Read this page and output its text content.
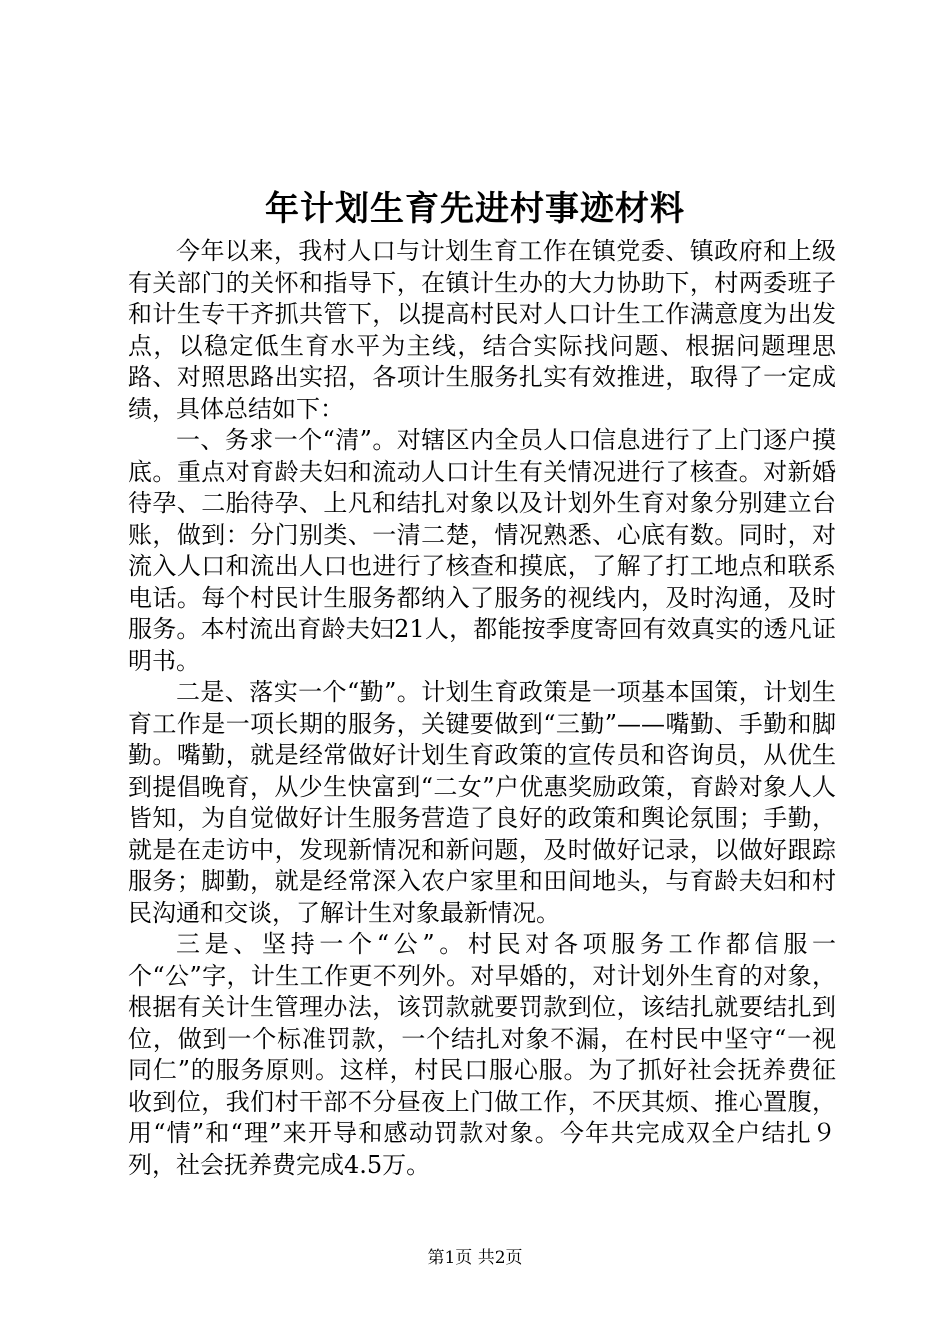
年计划生育先进村事迹材料

今年以来，我村人口与计划生育工作在镇党委、镇政府和上级有关部门的关怀和指导下，在镇计生办的大力协助下，村两委班子和计生专干齐抓共管下，以提高村民对人口计生工作满意度为出发点，以稳定低生育水平为主线，结合实际找问题、根据问题理思路、对照思路出实招，各项计生服务扎实有效推进，取得了一定成绩，具体总结如下：

一、务求一个“清”。对辖区内全员人口信息进行了上门逐户摸底。重点对育龄夫妇和流动人口计生有关情况进行了核查。对新婚待孕、二胎待孕、上凡和结扎对象以及计划外生育对象分别建立台账，做到：分门别类、一清二楚，情况熟悉、心底有数。同时，对流入人口和流出人口也进行了核查和摸底，了解了打工地点和联系电话。每个村民计生服务都纳入了服务的视线内，及时沟通，及时服务。本村流出育龄夫妇21人，都能按季度寄回有效真实的透凡证明书。

二是、落实一个“勤”。计划生育政策是一项基本国策，计划生育工作是一项长期的服务，关键要做到“三勤”——嘴勤、手勤和脚勤。嘴勤，就是经常做好计划生育政策的宣传员和咨询员，从优生到提倡晚育，从少生快富到“二女”户优惠奖励政策，育龄对象人人皆知，为自觉做好计生服务营造了良好的政策和舆论氛围；手勤，就是在走访中，发现新情况和新问题，及时做好记录，以做好跟踪服务；脚勤，就是经常深入农户家里和田间地头，与育龄夫妇和村民沟通和交谈，了解计生对象最新情况。

三是、坚持一个“公”。村民对各项服务工作都信服一个“公”字，计生工作更不列外。对早婚的，对计划外生育的对象，根据有关计生管理办法，该罚款就要罚款到位，该结扎就要结扎到位，做到一个标准罚款，一个结扎对象不漏，在村民中坚守“一视同仁”的服务原则。这样，村民口服心服。为了抓好社会抚养费征收到位，我们村干部不分昼夜上门做工作，不厌其烦、推心置腹，用“情”和“理”来开导和感动罚款对象。今年共完成双全户结扎９列，社会抚养费完成4.5万。

第1页 共2页
